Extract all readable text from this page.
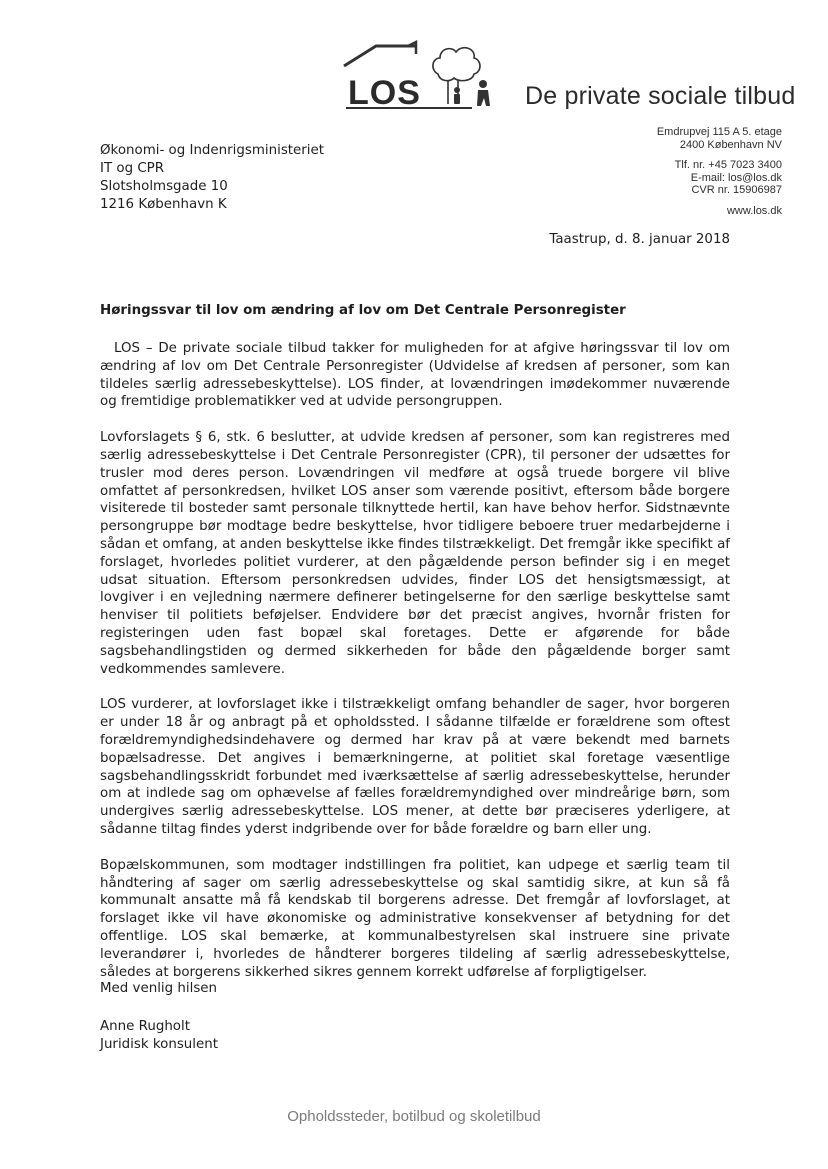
LOS	De private sociale tilbud
Økonomi- og Indenrigsministeriet
IT og CPR
Slotsholmsgade 10
1216 København K
Emdrupvej 115 A 5. etage
2400 København NV
Tlf. nr. +45 7023 3400
E-mail: los@los.dk
CVR nr. 15906987
www.los.dk
Taastrup, d. 8. januar 2018
Høringssvar til lov om ændring af lov om Det Centrale Personregister

LOS – De private sociale tilbud takker for muligheden for at afgive høringssvar til lov om ændring af lov om Det Centrale Personregister (Udvidelse af kredsen af personer, som kan tildeles særlig adressebeskyttelse). LOS finder, at lovændringen imødekommer nuværende og fremtidige problematikker ved at udvide persongruppen.

Lovforslagets § 6, stk. 6 beslutter, at udvide kredsen af personer, som kan registreres med særlig adressebeskyttelse i Det Centrale Personregister (CPR), til personer der udsættes for trusler mod deres person. Lovændringen vil medføre at også truede borgere vil blive omfattet af personkredsen, hvilket LOS anser som værende positivt, eftersom både borgere visiterede til bosteder samt personale tilknyttede hertil, kan have behov herfor. Sidstnævnte persongruppe bør modtage bedre beskyttelse, hvor tidligere beboere truer medarbejderne i sådan et omfang, at anden beskyttelse ikke findes tilstrækkeligt. Det fremgår ikke specifikt af forslaget, hvorledes politiet vurderer, at den pågældende person befinder sig i en meget udsat situation. Eftersom personkredsen udvides, finder LOS det hensigtsmæssigt, at lovgiver i en vejledning nærmere definerer betingelserne for den særlige beskyttelse samt henviser til politiets beføjelser. Endvidere bør det præcist angives, hvornår fristen for registeringen uden fast bopæl skal foretages. Dette er afgørende for både sagsbehandlingstiden og dermed sikkerheden for både den pågældende borger samt vedkommendes samlevere.

LOS vurderer, at lovforslaget ikke i tilstrækkeligt omfang behandler de sager, hvor borgeren er under 18 år og anbragt på et opholdssted. I sådanne tilfælde er forældrene som oftest forældremyndighedsindehavere og dermed har krav på at være bekendt med barnets bopælsadresse. Det angives i bemærkningerne, at politiet skal foretage væsentlige sagsbehandlingsskridt forbundet med iværksættelse af særlig adressebeskyttelse, herunder om at indlede sag om ophævelse af fælles forældremyndighed over mindreårige børn, som undergives særlig adressebeskyttelse. LOS mener, at dette bør præciseres yderligere, at sådanne tiltag findes yderst indgribende over for både forældre og barn eller ung.

Bopælskommunen, som modtager indstillingen fra politiet, kan udpege et særlig team til håndtering af sager om særlig adressebeskyttelse og skal samtidig sikre, at kun så få kommunalt ansatte må få kendskab til borgerens adresse. Det fremgår af lovforslaget, at forslaget ikke vil have økonomiske og administrative konsekvenser af betydning for det offentlige. LOS skal bemærke, at kommunalbestyrelsen skal instruere sine private leverandører i, hvorledes de håndterer borgeres tildeling af særlig adressebeskyttelse, således at borgerens sikkerhed sikres gennem korrekt udførelse af forpligtigelser.

Med venlig hilsen
Anne Rugholt
Juridisk konsulent
Opholdssteder, botilbud og skoletilbud
